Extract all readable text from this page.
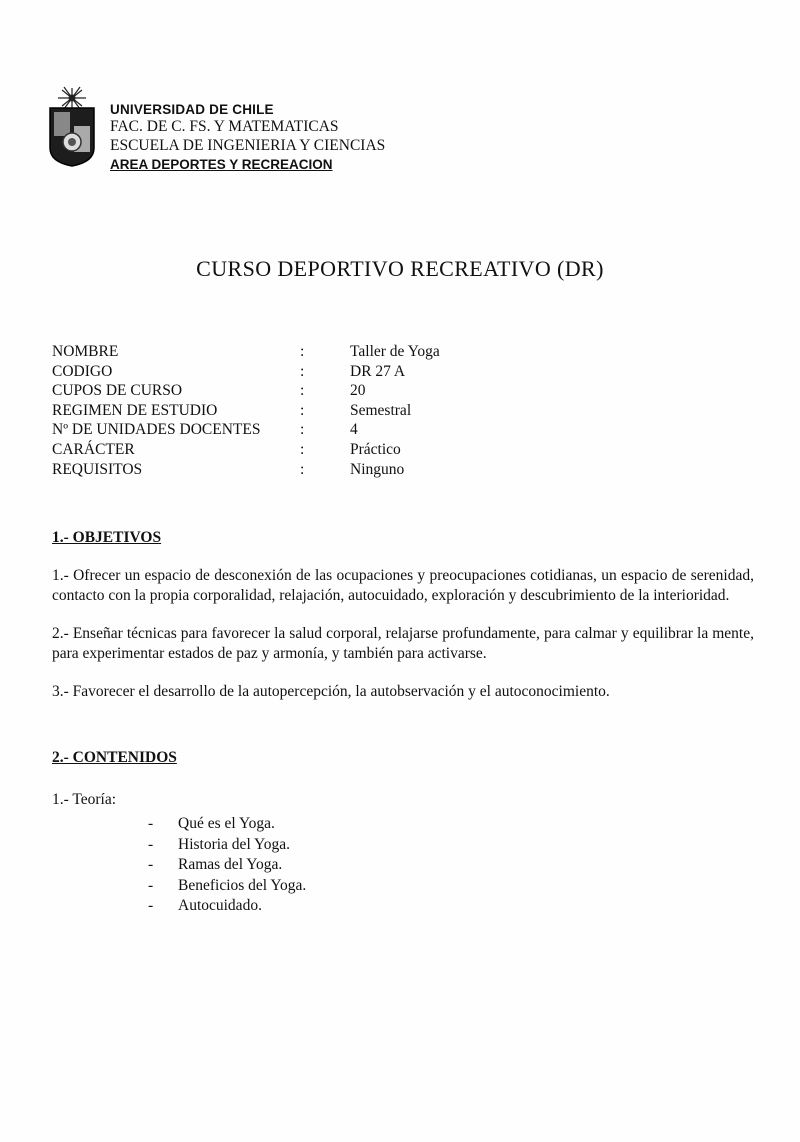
UNIVERSIDAD DE CHILE
FAC. DE C. FS. Y MATEMATICAS
ESCUELA DE INGENIERIA Y CIENCIAS
AREA DEPORTES Y RECREACION
CURSO DEPORTIVO RECREATIVO (DR)
NOMBRE	:	Taller de Yoga
CODIGO	:	DR 27 A
CUPOS DE CURSO	:	20
REGIMEN DE ESTUDIO	:	Semestral
Nº DE UNIDADES DOCENTES	:	4
CARÁCTER	:	Práctico
REQUISITOS	:	Ninguno
1.- OBJETIVOS

1.- Ofrecer un espacio de desconexión de las ocupaciones y preocupaciones cotidianas, un espacio de serenidad, contacto con la propia corporalidad, relajación, autocuidado, exploración y descubrimiento de la interioridad.

2.- Enseñar técnicas para favorecer la salud corporal, relajarse profundamente, para calmar y equilibrar la mente, para experimentar estados de paz y armonía, y también para activarse.

3.- Favorecer el desarrollo de la autopercepción, la autobservación y el autoconocimiento.

2.- CONTENIDOS

1.- Teoría:

-	Qué es el Yoga.
-	Historia del Yoga.
-	Ramas del Yoga.
-	Beneficios del Yoga.
-	Autocuidado.
